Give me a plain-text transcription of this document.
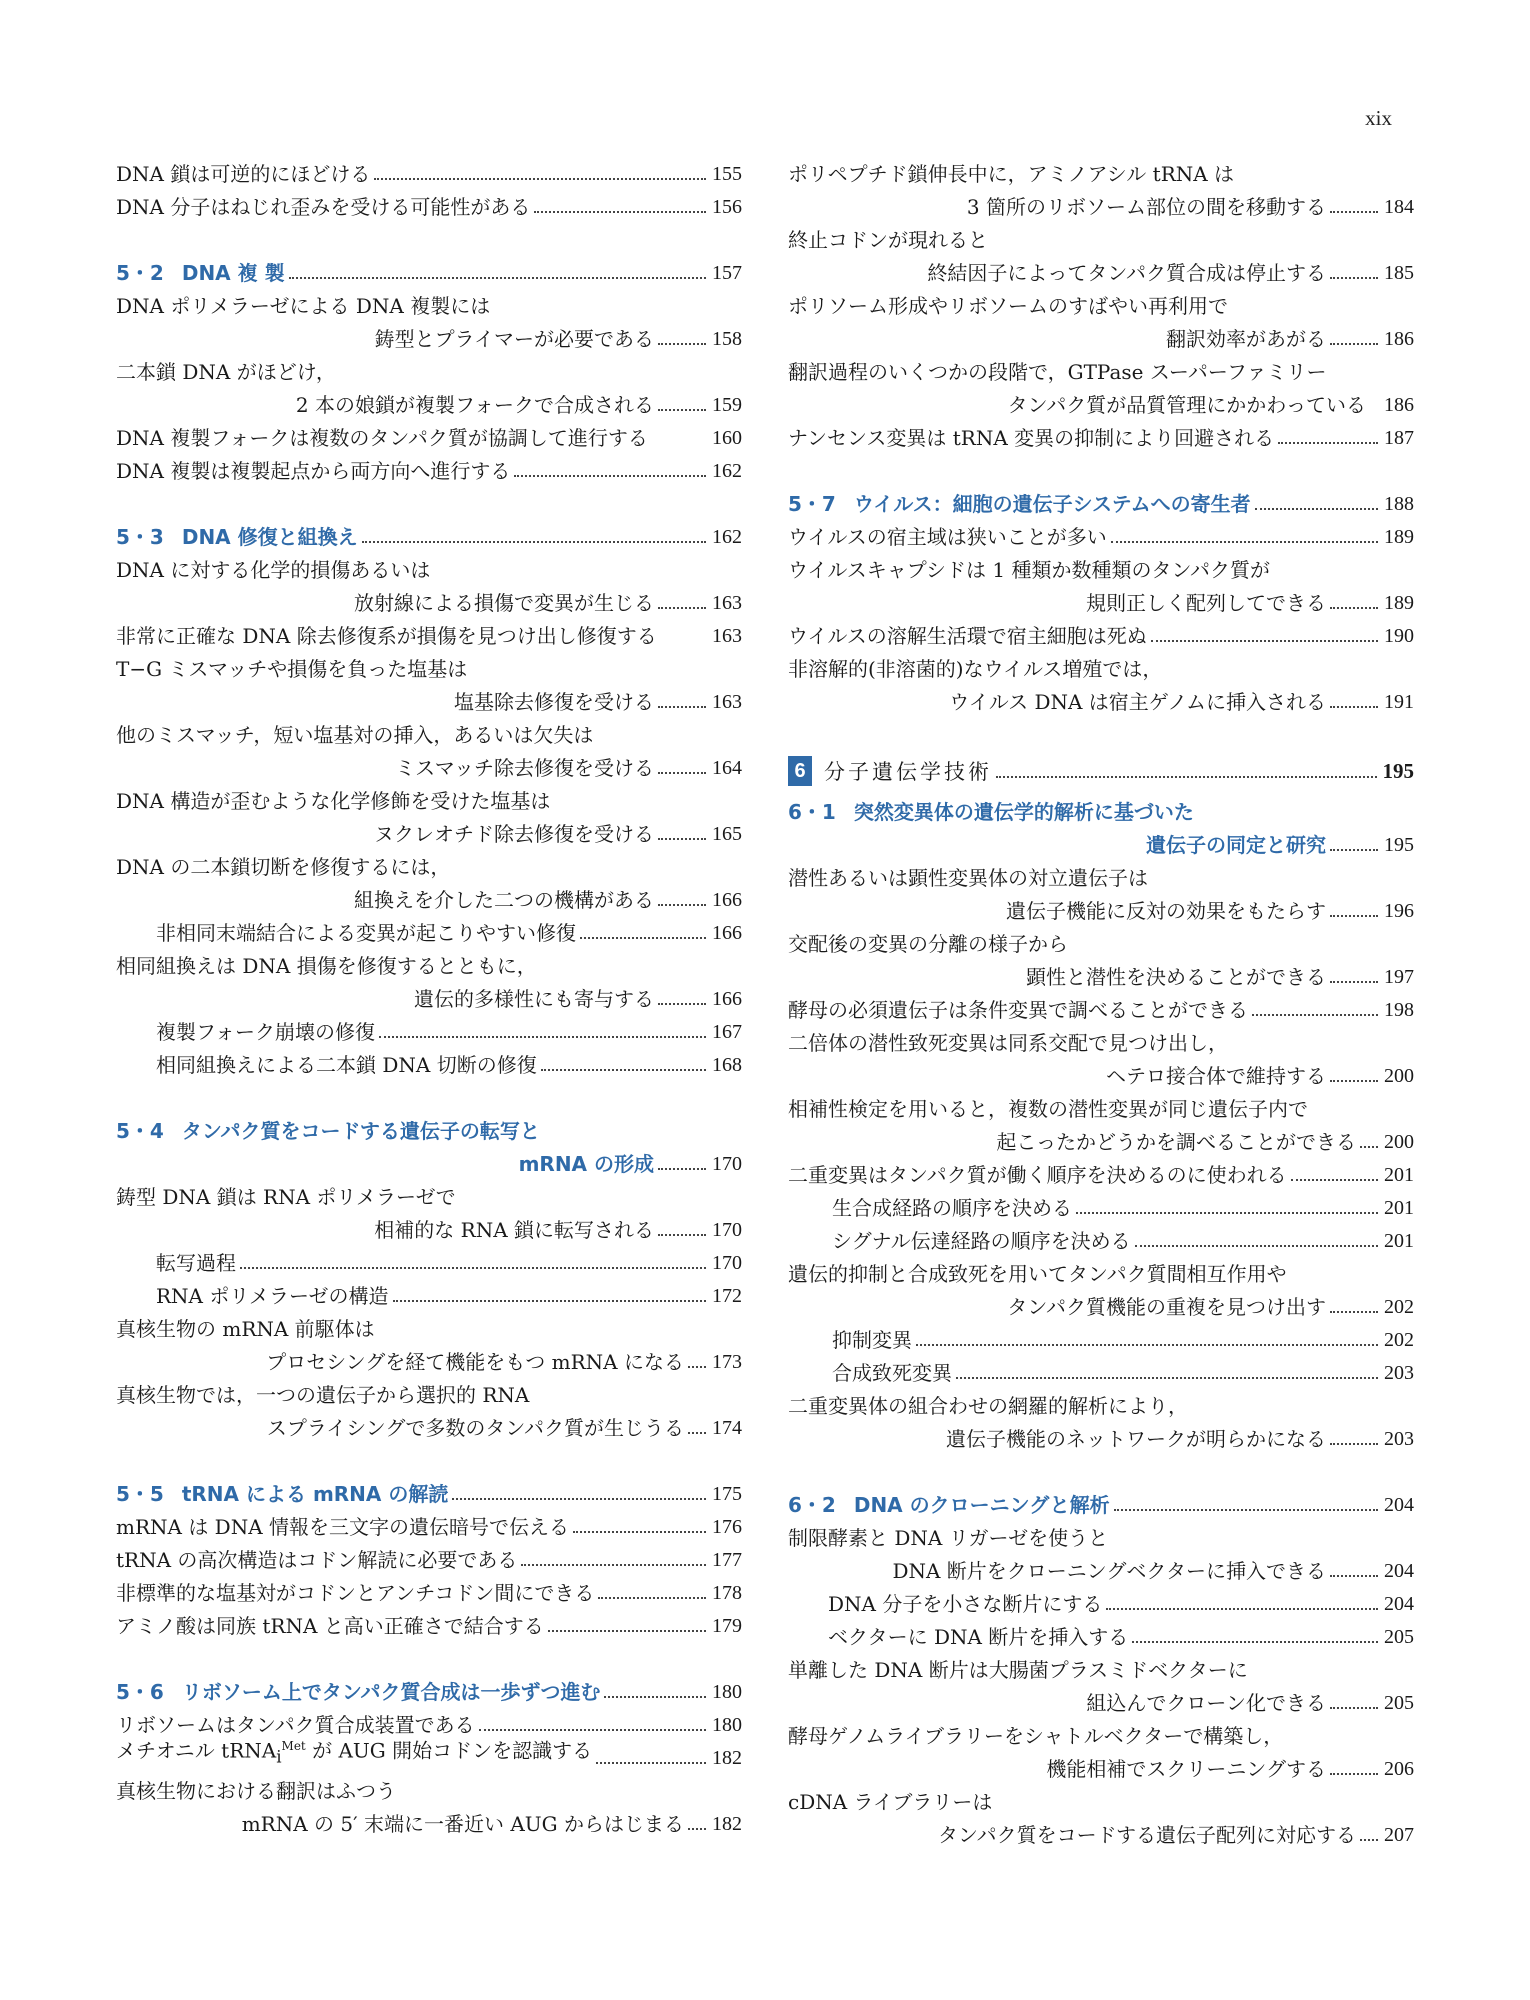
xix
DNA 鎖は可逆的にほどける	155
DNA 分子はねじれ歪みを受ける可能性がある	156
5・2 DNA 複 製	157
DNA ポリメラーゼによる DNA 複製には
鋳型とプライマーが必要である	158
二本鎖 DNA がほどけ，
2 本の娘鎖が複製フォークで合成される	159
DNA 複製フォークは複数のタンパク質が協調して進行する	160
DNA 複製は複製起点から両方向へ進行する	162
5・3 DNA 修復と組換え	162
DNA に対する化学的損傷あるいは
放射線による損傷で変異が生じる	163
非常に正確な DNA 除去修復系が損傷を見つけ出し修復する	163
T−G ミスマッチや損傷を負った塩基は
塩基除去修復を受ける	163
他のミスマッチ，短い塩基対の挿入，あるいは欠失は
ミスマッチ除去修復を受ける	164
DNA 構造が歪むような化学修飾を受けた塩基は
ヌクレオチド除去修復を受ける	165
DNA の二本鎖切断を修復するには，
組換えを介した二つの機構がある	166
非相同末端結合による変異が起こりやすい修復	166
相同組換えは DNA 損傷を修復するとともに，
遺伝的多様性にも寄与する	166
複製フォーク崩壊の修復	167
相同組換えによる二本鎖 DNA 切断の修復	168
5・4 タンパク質をコードする遺伝子の転写と
mRNA の形成	170
鋳型 DNA 鎖は RNA ポリメラーゼで
相補的な RNA 鎖に転写される	170
転写過程	170
RNA ポリメラーゼの構造	172
真核生物の mRNA 前駆体は
プロセシングを経て機能をもつ mRNA になる 173
真核生物では，一つの遺伝子から選択的 RNA
スプライシングで多数のタンパク質が生じうる 174
5・5 tRNA による mRNA の解読	175
mRNA は DNA 情報を三文字の遺伝暗号で伝える	176
tRNA の高次構造はコドン解読に必要である	177
非標準的な塩基対がコドンとアンチコドン間にできる	178
アミノ酸は同族 tRNA と高い正確さで結合する	179
5・6 リボソーム上でタンパク質合成は一歩ずつ進む	180
リボソームはタンパク質合成装置である	180
メチオニル tRNA$_i^{Met}$ が AUG 開始コドンを認識する	182
真核生物における翻訳はふつう
mRNA の 5′ 末端に一番近い AUG からはじまる 182
ポリペプチド鎖伸長中に，アミノアシル tRNA は
3 箇所のリボソーム部位の間を移動する	184
終止コドンが現れると
終結因子によってタンパク質合成は停止する	185
ポリソーム形成やリボソームのすばやい再利用で
翻訳効率があがる	186
翻訳過程のいくつかの段階で，GTPase スーパーファミリー
タンパク質が品質管理にかかわっている 186
ナンセンス変異は tRNA 変異の抑制により回避される	187
5・7 ウイルス：細胞の遺伝子システムへの寄生者	188
ウイルスの宿主域は狭いことが多い	189
ウイルスキャプシドは 1 種類か数種類のタンパク質が
規則正しく配列してできる	189
ウイルスの溶解生活環で宿主細胞は死ぬ	190
非溶解的(非溶菌的)なウイルス増殖では，
ウイルス DNA は宿主ゲノムに挿入される	191
6 分子遺伝学技術	195
6・1 突然変異体の遺伝学的解析に基づいた
遺伝子の同定と研究	195
潜性あるいは顕性変異体の対立遺伝子は
遺伝子機能に反対の効果をもたらす	196
交配後の変異の分離の様子から
顕性と潜性を決めることができる	197
酵母の必須遺伝子は条件変異で調べることができる	198
二倍体の潜性致死変異は同系交配で見つけ出し，
ヘテロ接合体で維持する	200
相補性検定を用いると，複数の潜性変異が同じ遺伝子内で
起こったかどうかを調べることができる 200
二重変異はタンパク質が働く順序を決めるのに使われる	201
生合成経路の順序を決める	201
シグナル伝達経路の順序を決める	201
遺伝的抑制と合成致死を用いてタンパク質間相互作用や
タンパク質機能の重複を見つけ出す	202
抑制変異	202
合成致死変異	203
二重変異体の組合わせの網羅的解析により，
遺伝子機能のネットワークが明らかになる	203
6・2 DNA のクローニングと解析	204
制限酵素と DNA リガーゼを使うと
DNA 断片をクローニングベクターに挿入できる	204
DNA 分子を小さな断片にする	204
ベクターに DNA 断片を挿入する	205
単離した DNA 断片は大腸菌プラスミドベクターに
組込んでクローン化できる	205
酵母ゲノムライブラリーをシャトルベクターで構築し，
機能相補でスクリーニングする	206
cDNA ライブラリーは
タンパク質をコードする遺伝子配列に対応する 207
